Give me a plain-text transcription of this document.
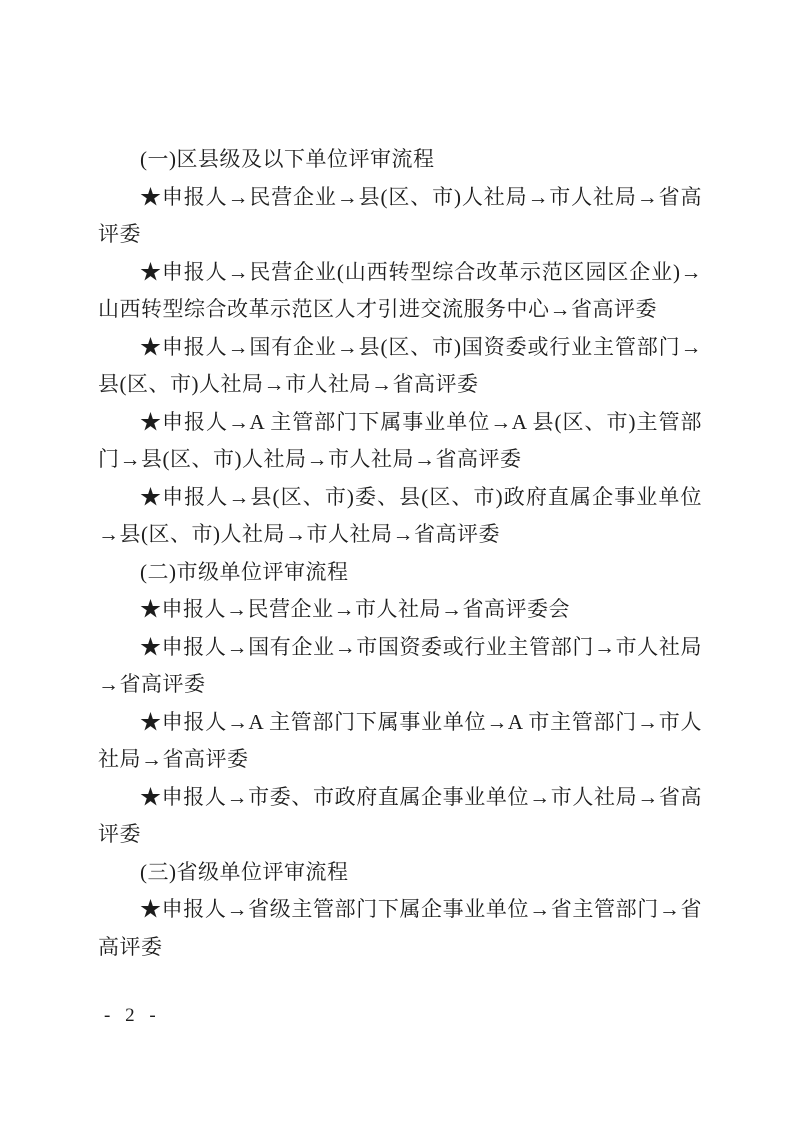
(一)区县级及以下单位评审流程

★申报人→民营企业→县(区、市)人社局→市人社局→省高评委

★申报人→民营企业(山西转型综合改革示范区园区企业)→山西转型综合改革示范区人才引进交流服务中心→省高评委

★申报人→国有企业→县(区、市)国资委或行业主管部门→县(区、市)人社局→市人社局→省高评委

★申报人→A 主管部门下属事业单位→A 县(区、市)主管部门→县(区、市)人社局→市人社局→省高评委

★申报人→县(区、市)委、县(区、市)政府直属企事业单位→县(区、市)人社局→市人社局→省高评委

(二)市级单位评审流程

★申报人→民营企业→市人社局→省高评委会

★申报人→国有企业→市国资委或行业主管部门→市人社局→省高评委

★申报人→A 主管部门下属事业单位→A 市主管部门→市人社局→省高评委

★申报人→市委、市政府直属企事业单位→市人社局→省高评委

(三)省级单位评审流程

★申报人→省级主管部门下属企事业单位→省主管部门→省高评委

- 2 -
